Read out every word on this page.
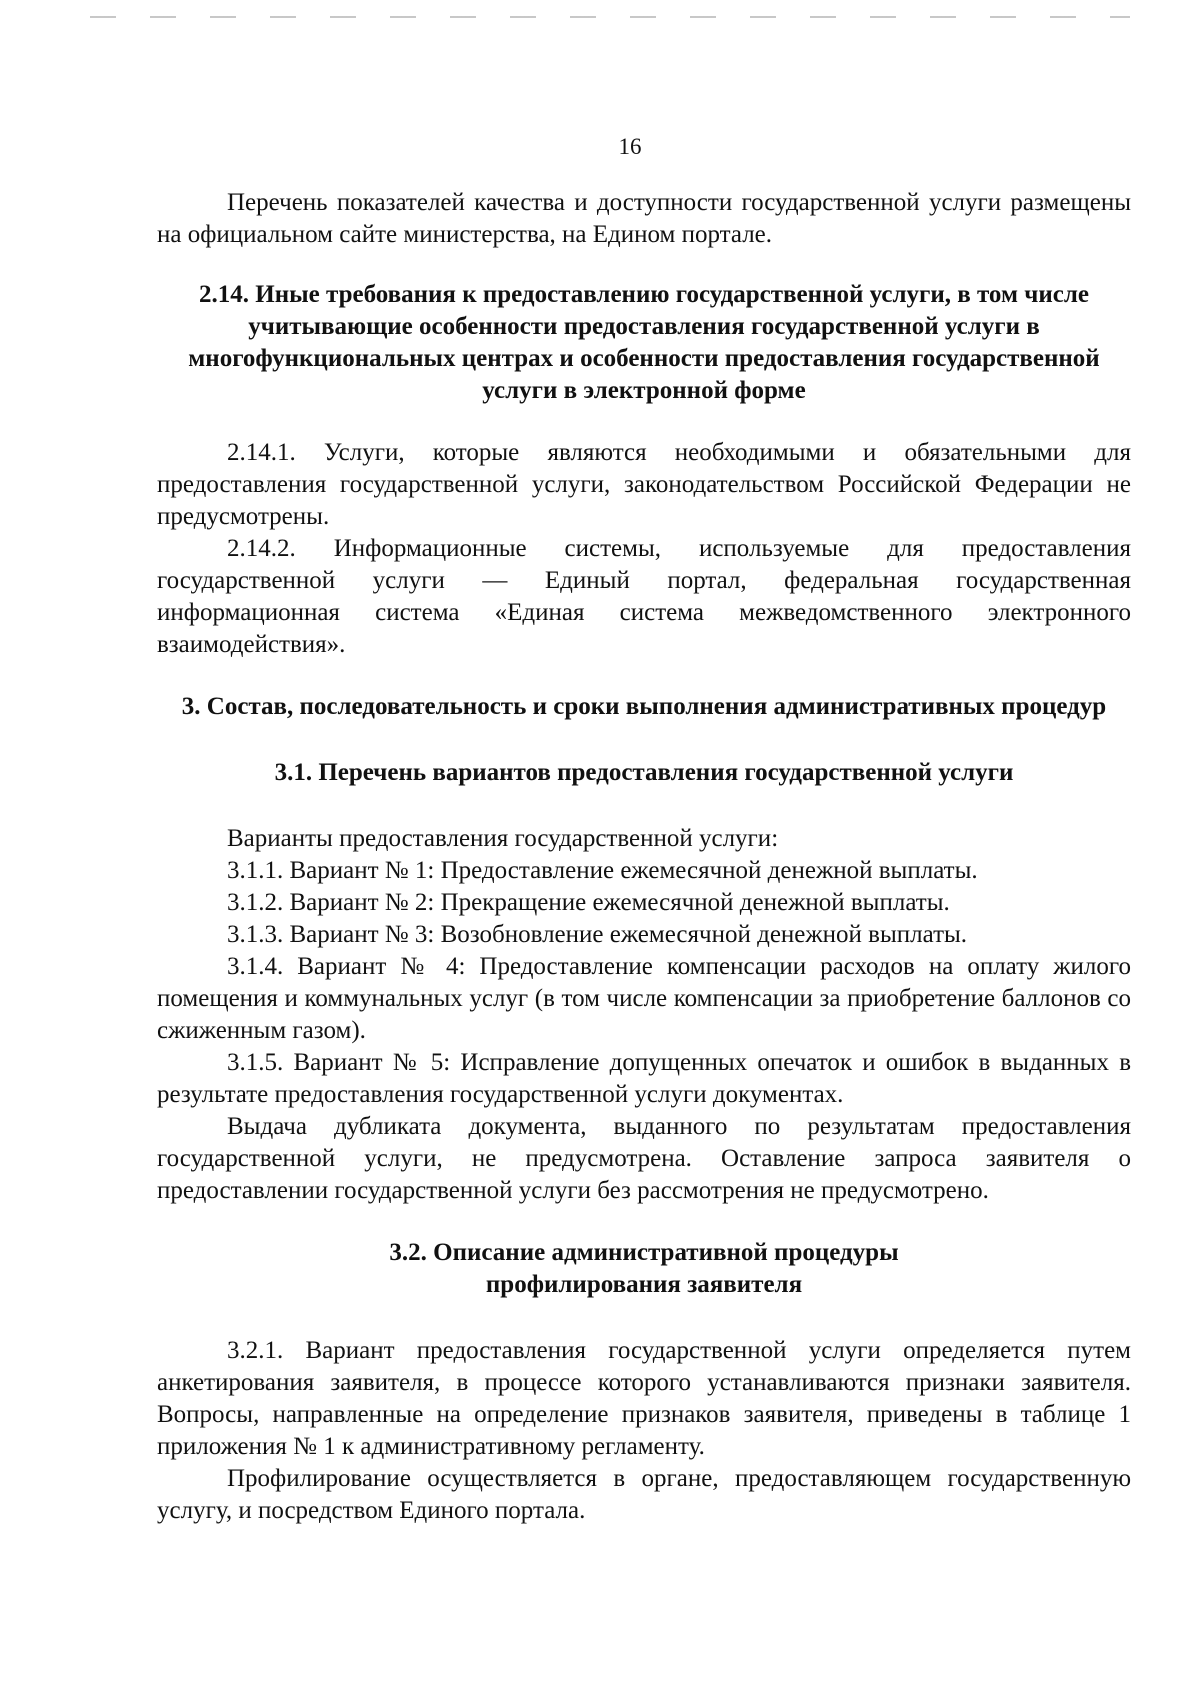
16

Перечень показателей качества и доступности государственной услуги размещены на официальном сайте министерства, на Едином портале.

2.14. Иные требования к предоставлению государственной услуги, в том числе учитывающие особенности предоставления государственной услуги в многофункциональных центрах и особенности предоставления государственной услуги в электронной форме

2.14.1. Услуги, которые являются необходимыми и обязательными для предоставления государственной услуги, законодательством Российской Федерации не предусмотрены.

2.14.2. Информационные системы, используемые для предоставления государственной услуги — Единый портал, федеральная государственная информационная система «Единая система межведомственного электронного взаимодействия».

3. Состав, последовательность и сроки выполнения административных процедур
3.1. Перечень вариантов предоставления государственной услуги

Варианты предоставления государственной услуги:

3.1.1. Вариант № 1: Предоставление ежемесячной денежной выплаты.

3.1.2. Вариант № 2: Прекращение ежемесячной денежной выплаты.

3.1.3. Вариант № 3: Возобновление ежемесячной денежной выплаты.

3.1.4. Вариант № 4: Предоставление компенсации расходов на оплату жилого помещения и коммунальных услуг (в том числе компенсации за приобретение баллонов со сжиженным газом).

3.1.5. Вариант № 5: Исправление допущенных опечаток и ошибок в выданных в результате предоставления государственной услуги документах.

Выдача дубликата документа, выданного по результатам предоставления государственной услуги, не предусмотрена. Оставление запроса заявителя о предоставлении государственной услуги без рассмотрения не предусмотрено.

3.2. Описание административной процедуры
профилирования заявителя

3.2.1. Вариант предоставления государственной услуги определяется путем анкетирования заявителя, в процессе которого устанавливаются признаки заявителя. Вопросы, направленные на определение признаков заявителя, приведены в таблице 1 приложения № 1 к административному регламенту.

Профилирование осуществляется в органе, предоставляющем государственную услугу, и посредством Единого портала.
